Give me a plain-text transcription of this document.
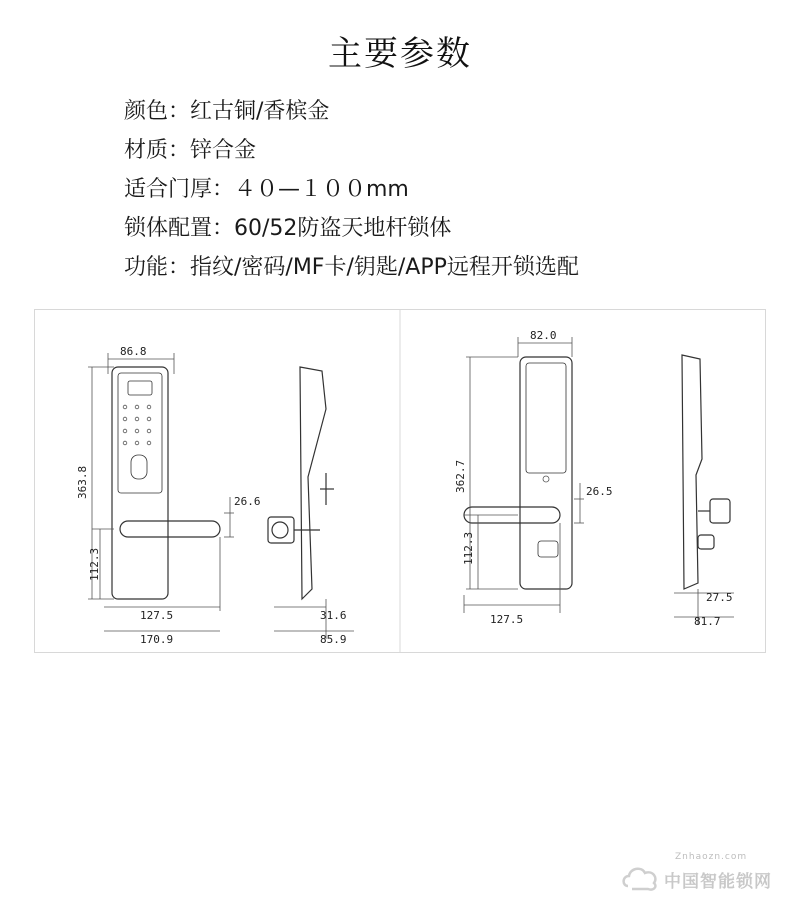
主要参数
颜色：红古铜/香槟金
材质：锌合金
适合门厚：４０—１００mm
锁体配置：60/52防盗天地杆锁体
功能：指纹/密码/MF卡/钥匙/APP远程开锁选配
86.8
363.8
26.6
112.3
127.5
170.9
31.6
85.9
82.0
362.7	26.5
112.3
127.5
27.5
81.7
Znhaozn.com
中国智能锁网
